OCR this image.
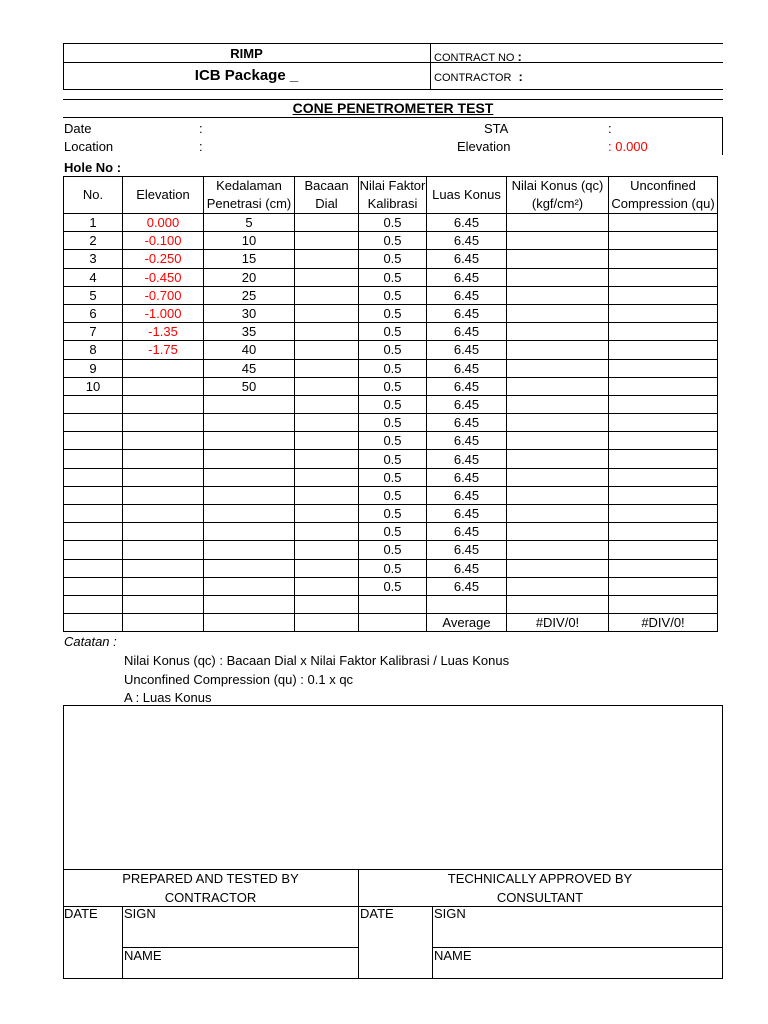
RIMP
ICB Package _
CONTRACT NO :
CONTRACTOR :
CONE PENETROMETER TEST
Date	:
Location	:
STA	:
Elevation	: 0.000
Hole No :
No.	Elevation	Kedalaman Penetrasi (cm)	Bacaan Dial	Nilai Faktor Kalibrasi	Luas Konus	Nilai Konus (qc) (kgf/cm²)	Unconfined Compression (qu)
1	0.000	5		0.5	6.45		
2	-0.100	10		0.5	6.45		
3	-0.250	15		0.5	6.45		
4	-0.450	20		0.5	6.45		
5	-0.700	25		0.5	6.45		
6	-1.000	30		0.5	6.45		
7	-1.35	35		0.5	6.45		
8	-1.75	40		0.5	6.45		
9		45		0.5	6.45		
10		50		0.5	6.45		
				0.5	6.45		
				0.5	6.45		
				0.5	6.45		
				0.5	6.45		
				0.5	6.45		
				0.5	6.45		
				0.5	6.45		
				0.5	6.45		
				0.5	6.45		
				0.5	6.45		
				0.5	6.45		

					Average	#DIV/0!	#DIV/0!
Catatan :
Nilai Konus (qc) : Bacaan Dial x Nilai Faktor Kalibrasi / Luas Konus
Unconfined Compression (qu) : 0.1 x qc
A : Luas Konus
PREPARED AND TESTED BY
CONTRACTOR
TECHNICALLY APPROVED BY
CONSULTANT
DATE SIGN
NAME
DATE	SIGN
NAME
